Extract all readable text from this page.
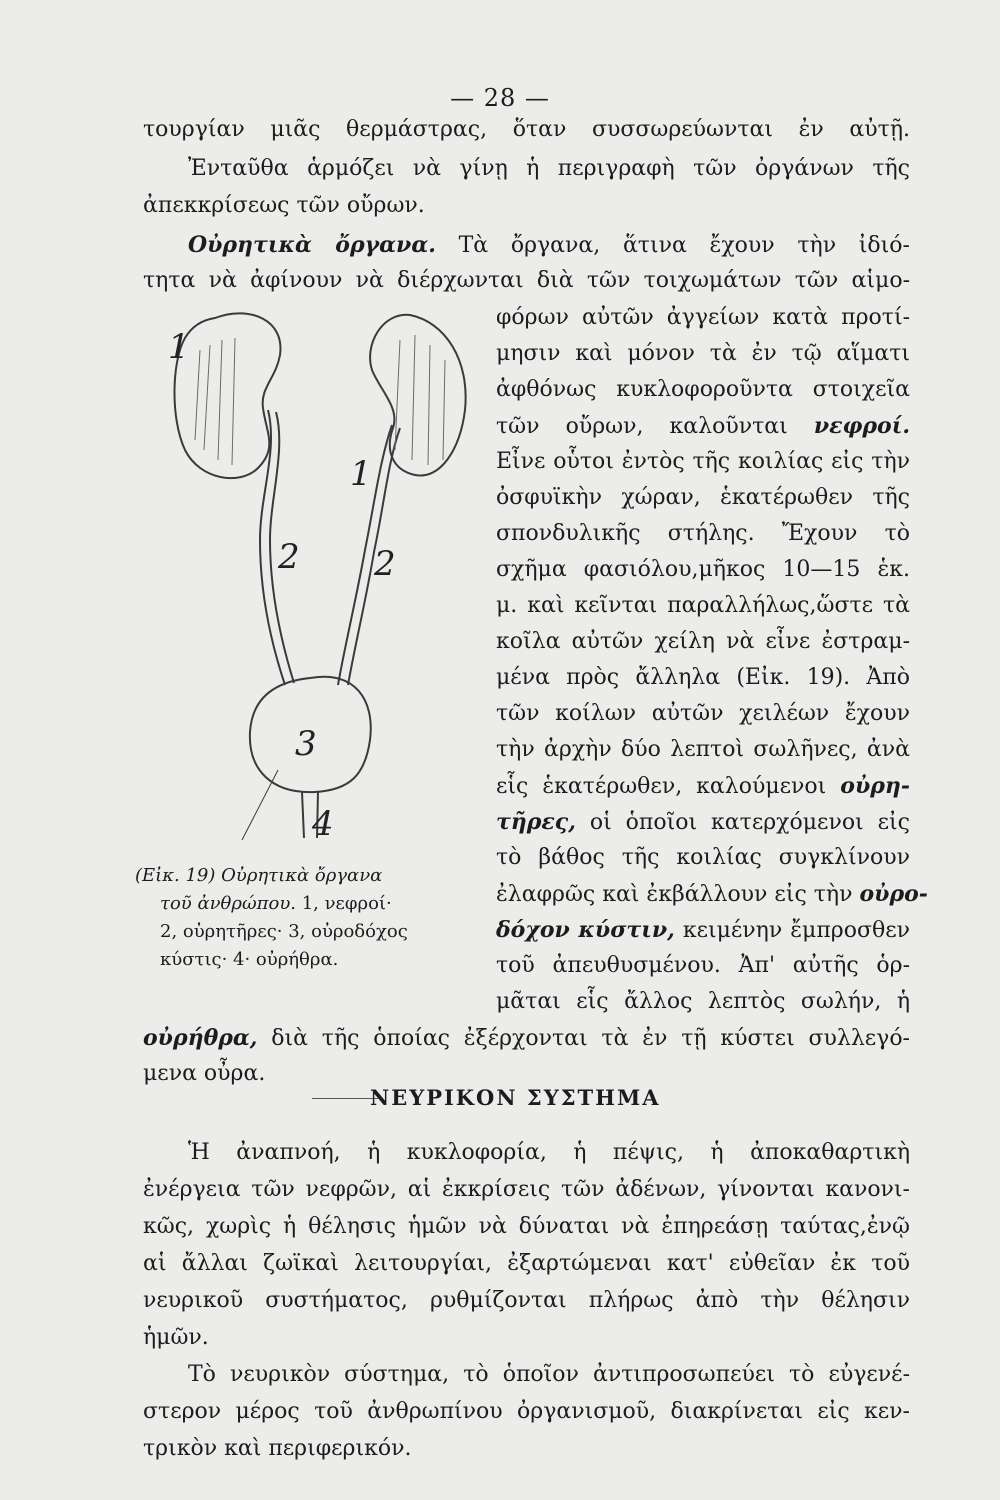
— 28 —

τουργίαν μιᾶς θερμάστρας, ὅταν συσσωρεύωνται ἐν αὐτῇ.

Ἐνταῦθα ἁρμόζει νὰ γίνῃ ἡ περιγραφὴ τῶν ὀργάνων τῆς

ἀπεκκρίσεως τῶν οὔρων.

Οὐρητικὰ ὄργανα. Τὰ ὄργανα, ἅτινα ἔχουν τὴν ἰδιό-

τητα νὰ ἀφίνουν νὰ διέρχωνται διὰ τῶν τοιχωμάτων τῶν αἱμο-

φόρων αὐτῶν ἀγγείων κατὰ προτί-

μησιν καὶ μόνον τὰ ἐν τῷ αἵματι

ἀφθόνως κυκλοφοροῦντα στοιχεῖα

τῶν οὔρων, καλοῦνται νεφροί.

Εἶνε οὗτοι ἐντὸς τῆς κοιλίας εἰς τὴν

ὀσφυϊκὴν χώραν, ἑκατέρωθεν τῆς

σπονδυλικῆς στήλης. Ἔχουν τὸ

σχῆμα φασιόλου,μῆκος 10—15 ἑκ.

μ. καὶ κεῖνται παραλλήλως,ὥστε τὰ

κοῖλα αὐτῶν χείλη νὰ εἶνε ἐστραμ-

μένα πρὸς ἄλληλα (Εἰκ. 19). Ἀπὸ

τῶν κοίλων αὐτῶν χειλέων ἔχουν

τὴν ἀρχὴν δύο λεπτοὶ σωλῆνες, ἀνὰ

εἷς ἑκατέρωθεν, καλούμενοι οὐρη-

τῆρες, οἱ ὁποῖοι κατερχόμενοι εἰς

τὸ βάθος τῆς κοιλίας συγκλίνουν

ἐλαφρῶς καὶ ἐκβάλλουν εἰς τὴν οὐρο-

δόχον κύστιν, κειμένην ἔμπροσθεν

τοῦ ἀπευθυσμένου. Ἀπ' αὐτῆς ὁρ-

μᾶται εἷς ἄλλος λεπτὸς σωλήν, ἡ

οὐρήθρα, διὰ τῆς ὁποίας ἐξέρχονται τὰ ἐν τῇ κύστει συλλεγό-

μενα οὖρα.

1
1
2 2
3
4

(Εἰκ. 19) Οὐρητικὰ ὄργανα

τοῦ ἀνθρώπου. 1, νεφροί·

2, οὐρητῆρες· 3, οὐροδόχος

κύστις· 4· οὐρήθρα.

ΝΕΥΡΙΚΟΝ ΣΥΣΤΗΜΑ

Ἡ ἀναπνοή, ἡ κυκλοφορία, ἡ πέψις, ἡ ἀποκαθαρτικὴ

ἐνέργεια τῶν νεφρῶν, αἱ ἐκκρίσεις τῶν ἀδένων, γίνονται κανονι-

κῶς, χωρὶς ἡ θέλησις ἡμῶν νὰ δύναται νὰ ἐπηρεάσῃ ταύτας,ἐνῷ

αἱ ἄλλαι ζωϊκαὶ λειτουργίαι, ἐξαρτώμεναι κατ' εὐθεῖαν ἐκ τοῦ

νευρικοῦ συστήματος, ρυθμίζονται πλήρως ἀπὸ τὴν θέλησιν

ἡμῶν.

Τὸ νευρικὸν σύστημα, τὸ ὁποῖον ἀντιπροσωπεύει τὸ εὐγενέ-

στερον μέρος τοῦ ἀνθρωπίνου ὀργανισμοῦ, διακρίνεται εἰς κεν-

τρικὸν καὶ περιφερικόν.
